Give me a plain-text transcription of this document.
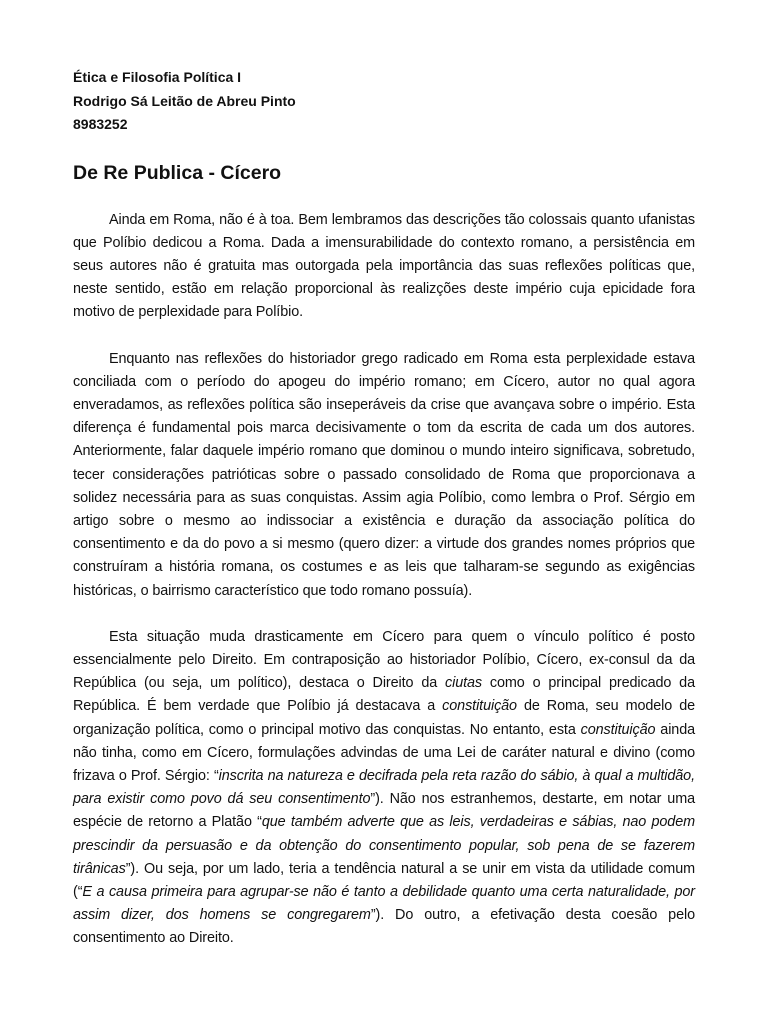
Ética e Filosofia Política I

Rodrigo Sá Leitão de Abreu Pinto

8983252

De Re Publica - Cícero

Ainda em Roma, não é à toa. Bem lembramos das descrições tão colossais quanto ufanistas que Políbio dedicou a Roma. Dada a imensurabilidade do contexto romano, a persistência em seus autores não é gratuita mas outorgada pela importância das suas reflexões políticas que, neste sentido, estão em relação proporcional às realizções deste império cuja epicidade fora motivo de perplexidade para Políbio.

Enquanto nas reflexões do historiador grego radicado em Roma esta perplexidade estava conciliada com o período do apogeu do império romano; em Cícero, autor no qual agora enveradamos, as reflexões política são inseperáveis da crise que avançava sobre o império. Esta diferença é fundamental pois marca decisivamente o tom da escrita de cada um dos autores. Anteriormente, falar daquele império romano que dominou o mundo inteiro significava, sobretudo, tecer considerações patrióticas sobre o passado consolidado de Roma que proporcionava a solidez necessária para as suas conquistas. Assim agia Políbio, como lembra o Prof. Sérgio em artigo sobre o mesmo ao indissociar a existência e duração da associação política do consentimento e da do povo a si mesmo (quero dizer: a virtude dos grandes nomes próprios que construíram a história romana, os costumes e as leis que talharam-se segundo as exigências históricas, o bairrismo característico que todo romano possuía).

Esta situação muda drasticamente em Cícero para quem o vínculo político é posto essencialmente pelo Direito. Em contraposição ao historiador Políbio, Cícero, ex-consul da da República (ou seja, um político), destaca o Direito da ciutas como o principal predicado da República. É bem verdade que Políbio já destacava a constituição de Roma, seu modelo de organização política, como o principal motivo das conquistas. No entanto, esta constituição ainda não tinha, como em Cícero, formulações advindas de uma Lei de caráter natural e divino (como frizava o Prof. Sérgio: “inscrita na natureza e decifrada pela reta razão do sábio, à qual a multidão, para existir como povo dá seu consentimento”). Não nos estranhemos, destarte, em notar uma espécie de retorno a Platão “que também adverte que as leis, verdadeiras e sábias, nao podem prescindir da persuasão e da obtenção do consentimento popular, sob pena de se fazerem tirânicas”). Ou seja, por um lado, teria a tendência natural a se unir em vista da utilidade comum (“E a causa primeira para agrupar-se não é tanto a debilidade quanto uma certa naturalidade, por assim dizer, dos homens se congregarem”). Do outro, a efetivação desta coesão pelo consentimento ao Direito.
